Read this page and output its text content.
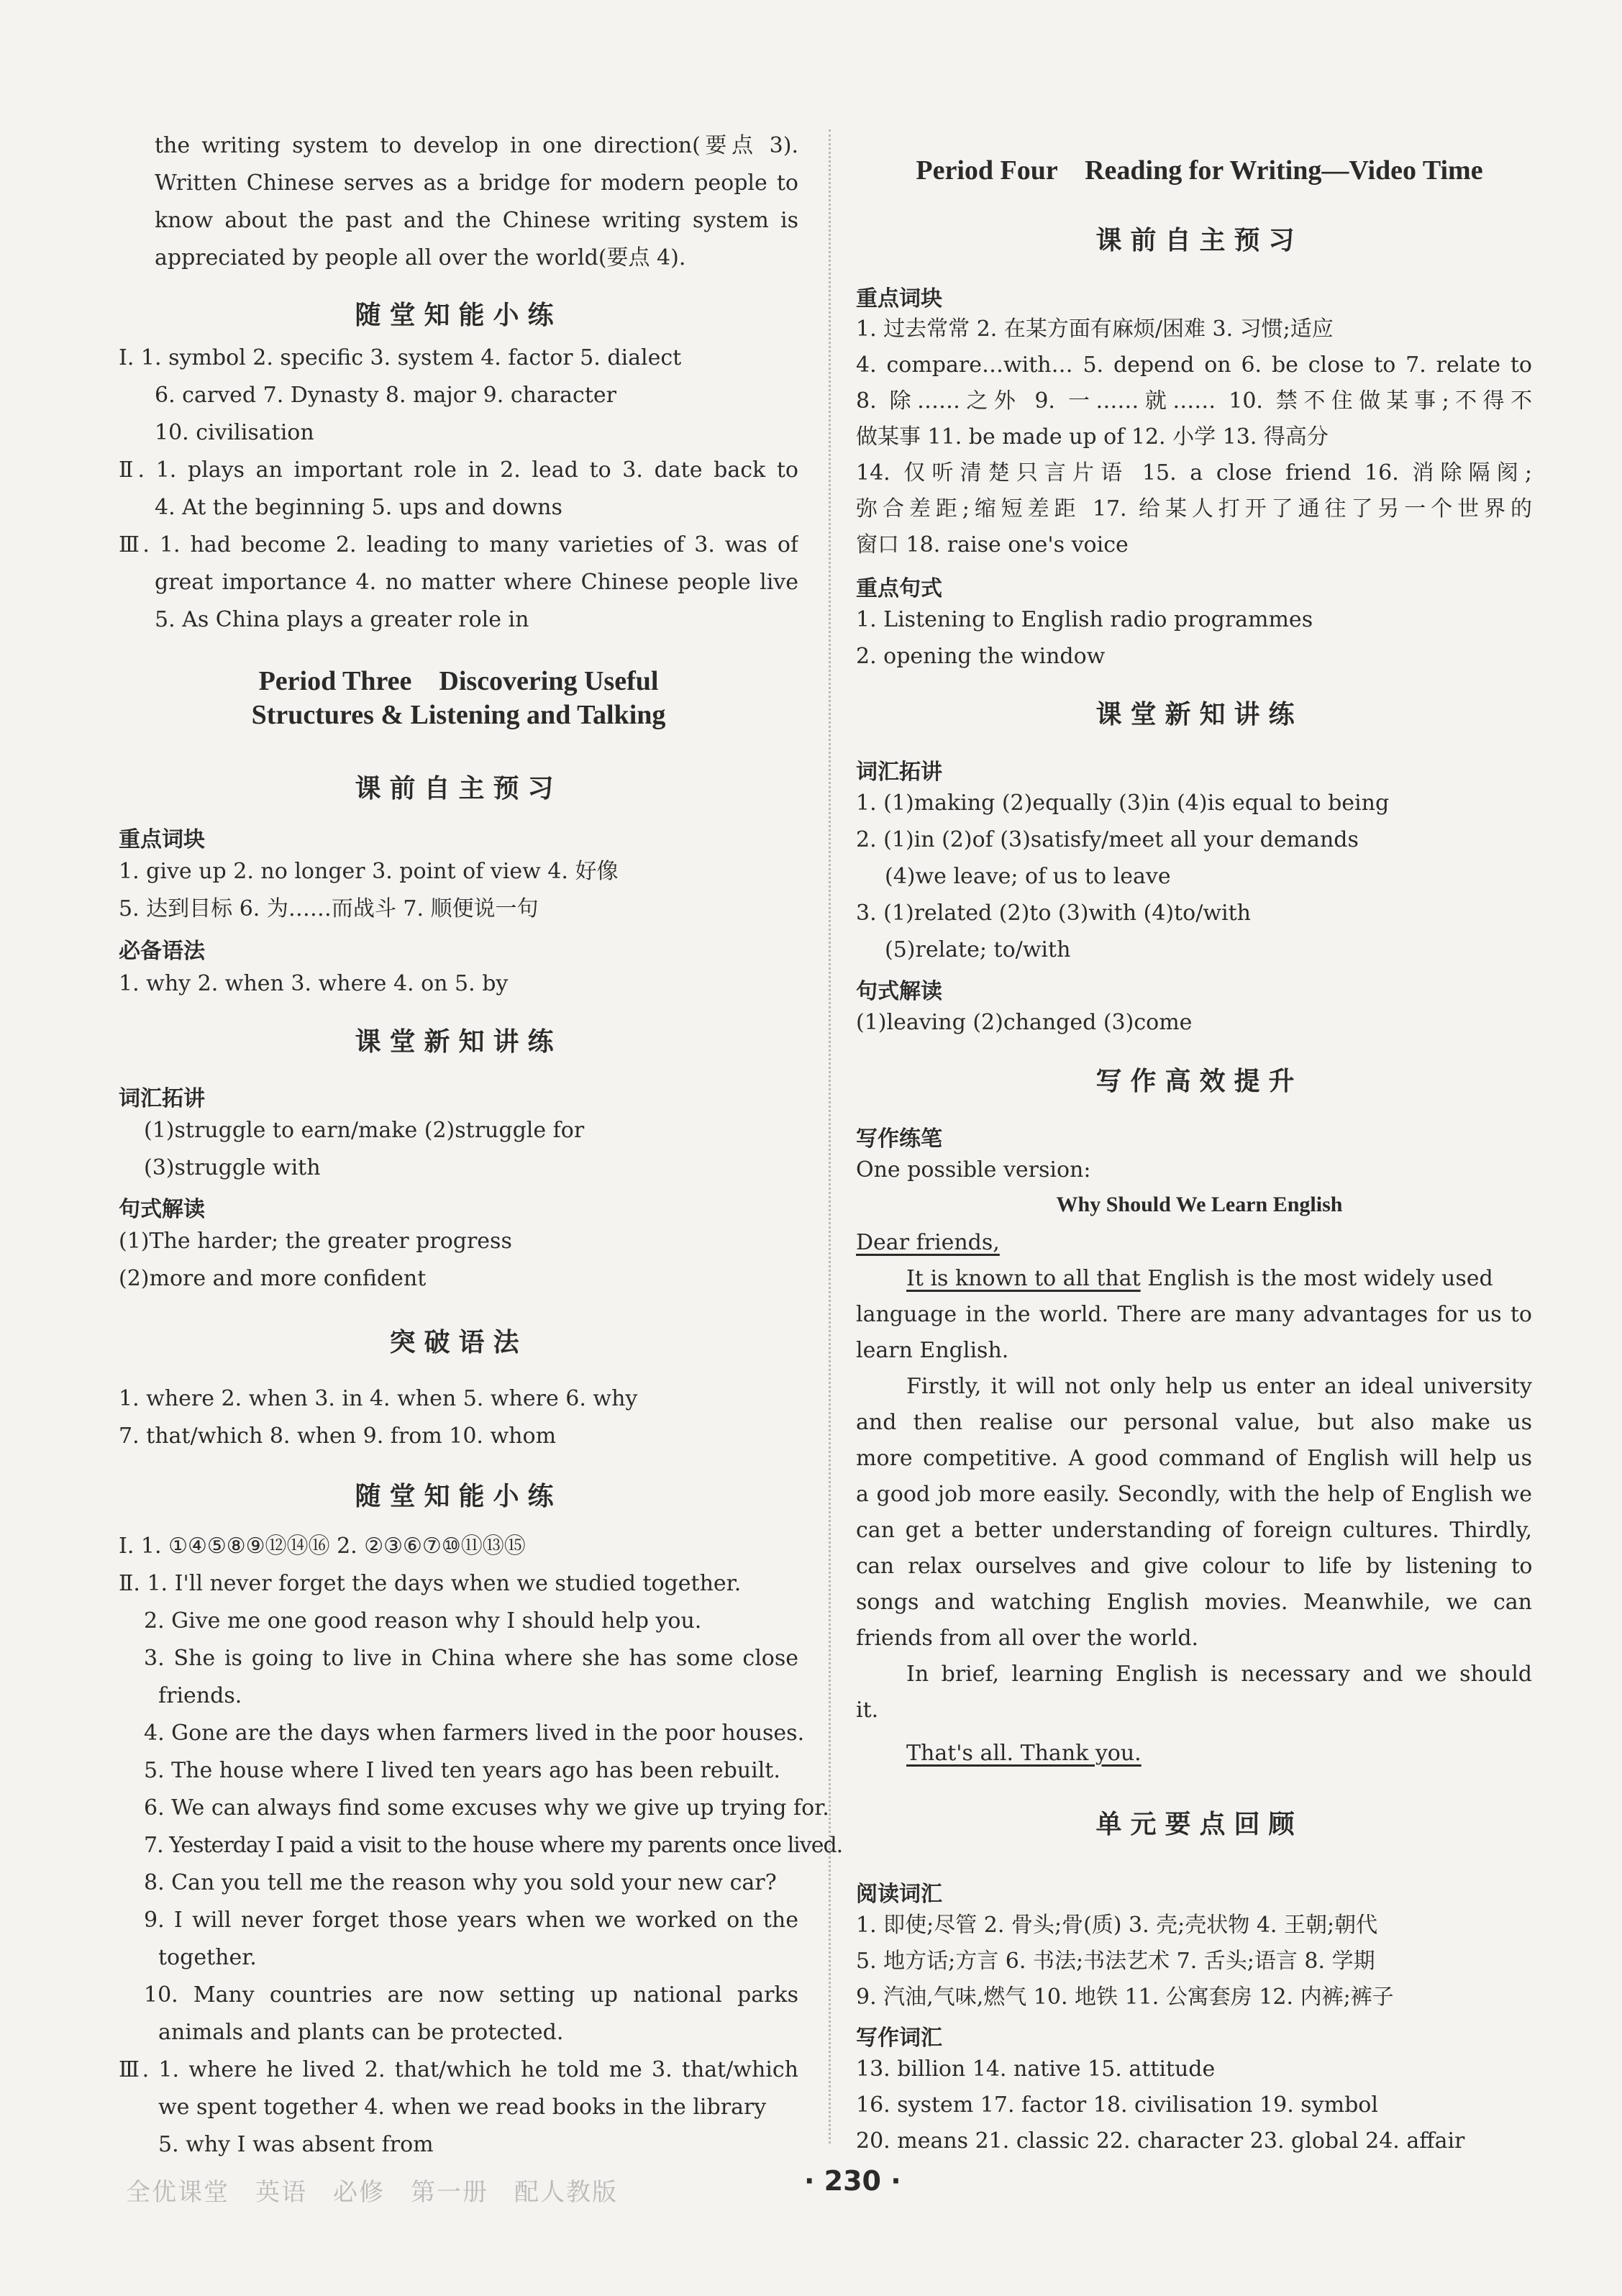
the writing system to develop in one direction(要点 3).
Written Chinese serves as a bridge for modern people to
know about the past and the Chinese writing system is
appreciated by people all over the world(要点 4).
随堂知能小练
Ⅰ. 1. symbol 2. specific 3. system 4. factor 5. dialect
6. carved 7. Dynasty 8. major 9. character
10. civilisation
Ⅱ. 1. plays an important role in 2. lead to 3. date back to
4. At the beginning 5. ups and downs
Ⅲ. 1. had become 2. leading to many varieties of 3. was of
great importance 4. no matter where Chinese people live
5. As China plays a greater role in
Period Three　Discovering Useful
Structures & Listening and Talking
课前自主预习
重点词块
1. give up 2. no longer 3. point of view 4. 好像
5. 达到目标 6. 为……而战斗 7. 顺便说一句
必备语法
1. why 2. when 3. where 4. on 5. by
课堂新知讲练
词汇拓讲
(1)struggle to earn/make (2)struggle for
(3)struggle with
句式解读
(1)The harder; the greater progress
(2)more and more confident
突破语法
1. where 2. when 3. in 4. when 5. where 6. why
7. that/which 8. when 9. from 10. whom
随堂知能小练
Ⅰ. 1. ①④⑤⑧⑨⑫⑭⑯ 2. ②③⑥⑦⑩⑪⑬⑮
Ⅱ. 1. I'll never forget the days when we studied together.
2. Give me one good reason why I should help you.
3. She is going to live in China where she has some close
friends.
4. Gone are the days when farmers lived in the poor houses.
5. The house where I lived ten years ago has been rebuilt.
6. We can always find some excuses why we give up trying for.
7. Yesterday I paid a visit to the house where my parents once lived.
8. Can you tell me the reason why you sold your new car?
9. I will never forget those years when we worked on the
together.
10. Many countries are now setting up national parks
animals and plants can be protected.
Ⅲ. 1. where he lived 2. that/which he told me 3. that/which
we spent together 4. when we read books in the library
5. why I was absent from
Period Four　Reading for Writing—Video Time
课前自主预习
重点词块
1. 过去常常 2. 在某方面有麻烦/困难 3. 习惯;适应
4. compare…with… 5. depend on 6. be close to 7. relate to
8. 除……之外 9. 一……就…… 10. 禁不住做某事;不得不
做某事 11. be made up of 12. 小学 13. 得高分
14. 仅听清楚只言片语 15. a close friend 16. 消除隔阂;
弥合差距;缩短差距 17. 给某人打开了通往了另一个世界的
窗口 18. raise one's voice
重点句式
1. Listening to English radio programmes
2. opening the window
课堂新知讲练
词汇拓讲
1. (1)making (2)equally (3)in (4)is equal to being
2. (1)in (2)of (3)satisfy/meet all your demands
(4)we leave; of us to leave
3. (1)related (2)to (3)with (4)to/with
(5)relate; to/with
句式解读
(1)leaving (2)changed (3)come
写作高效提升
写作练笔
One possible version:
Why Should We Learn English
Dear friends,
It is known to all that English is the most widely used
language in the world. There are many advantages for us to
learn English.
Firstly, it will not only help us enter an ideal university
and then realise our personal value, but also make us
more competitive. A good command of English will help us
a good job more easily. Secondly, with the help of English we
can get a better understanding of foreign cultures. Thirdly,
can relax ourselves and give colour to life by listening to
songs and watching English movies. Meanwhile, we can
friends from all over the world.
In brief, learning English is necessary and we should
it.
That's all. Thank you.
单元要点回顾
阅读词汇
1. 即使;尽管 2. 骨头;骨(质) 3. 壳;壳状物 4. 王朝;朝代
5. 地方话;方言 6. 书法;书法艺术 7. 舌头;语言 8. 学期
9. 汽油,气味,燃气 10. 地铁 11. 公寓套房 12. 内裤;裤子
写作词汇
13. billion 14. native 15. attitude
16. system 17. factor 18. civilisation 19. symbol
20. means 21. classic 22. character 23. global 24. affair
全优课堂　英语　必修　第一册　配人教版	· 230 ·
